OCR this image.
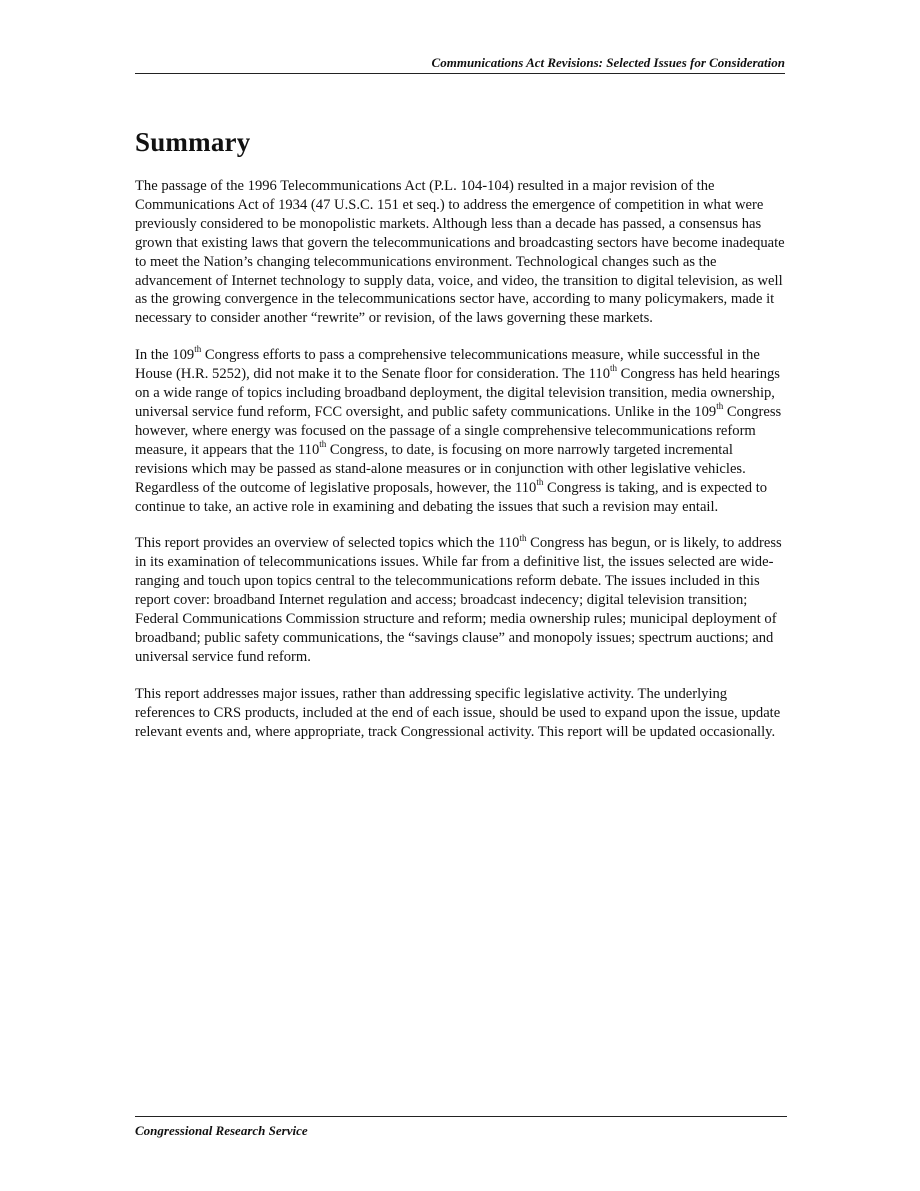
Communications Act Revisions: Selected Issues for Consideration
Summary

The passage of the 1996 Telecommunications Act (P.L. 104-104) resulted in a major revision of the Communications Act of 1934 (47 U.S.C. 151 et seq.) to address the emergence of competition in what were previously considered to be monopolistic markets. Although less than a decade has passed, a consensus has grown that existing laws that govern the telecommunications and broadcasting sectors have become inadequate to meet the Nation’s changing telecommunications environment. Technological changes such as the advancement of Internet technology to supply data, voice, and video, the transition to digital television, as well as the growing convergence in the telecommunications sector have, according to many policymakers, made it necessary to consider another “rewrite” or revision, of the laws governing these markets.

In the 109th Congress efforts to pass a comprehensive telecommunications measure, while successful in the House (H.R. 5252), did not make it to the Senate floor for consideration. The 110th Congress has held hearings on a wide range of topics including broadband deployment, the digital television transition, media ownership, universal service fund reform, FCC oversight, and public safety communications. Unlike in the 109th Congress however, where energy was focused on the passage of a single comprehensive telecommunications reform measure, it appears that the 110th Congress, to date, is focusing on more narrowly targeted incremental revisions which may be passed as stand-alone measures or in conjunction with other legislative vehicles. Regardless of the outcome of legislative proposals, however, the 110th Congress is taking, and is expected to continue to take, an active role in examining and debating the issues that such a revision may entail.

This report provides an overview of selected topics which the 110th Congress has begun, or is likely, to address in its examination of telecommunications issues. While far from a definitive list, the issues selected are wide-ranging and touch upon topics central to the telecommunications reform debate. The issues included in this report cover: broadband Internet regulation and access; broadcast indecency; digital television transition; Federal Communications Commission structure and reform; media ownership rules; municipal deployment of broadband; public safety communications, the “savings clause” and monopoly issues; spectrum auctions; and universal service fund reform.

This report addresses major issues, rather than addressing specific legislative activity. The underlying references to CRS products, included at the end of each issue, should be used to expand upon the issue, update relevant events and, where appropriate, track Congressional activity. This report will be updated occasionally.

Congressional Research Service
